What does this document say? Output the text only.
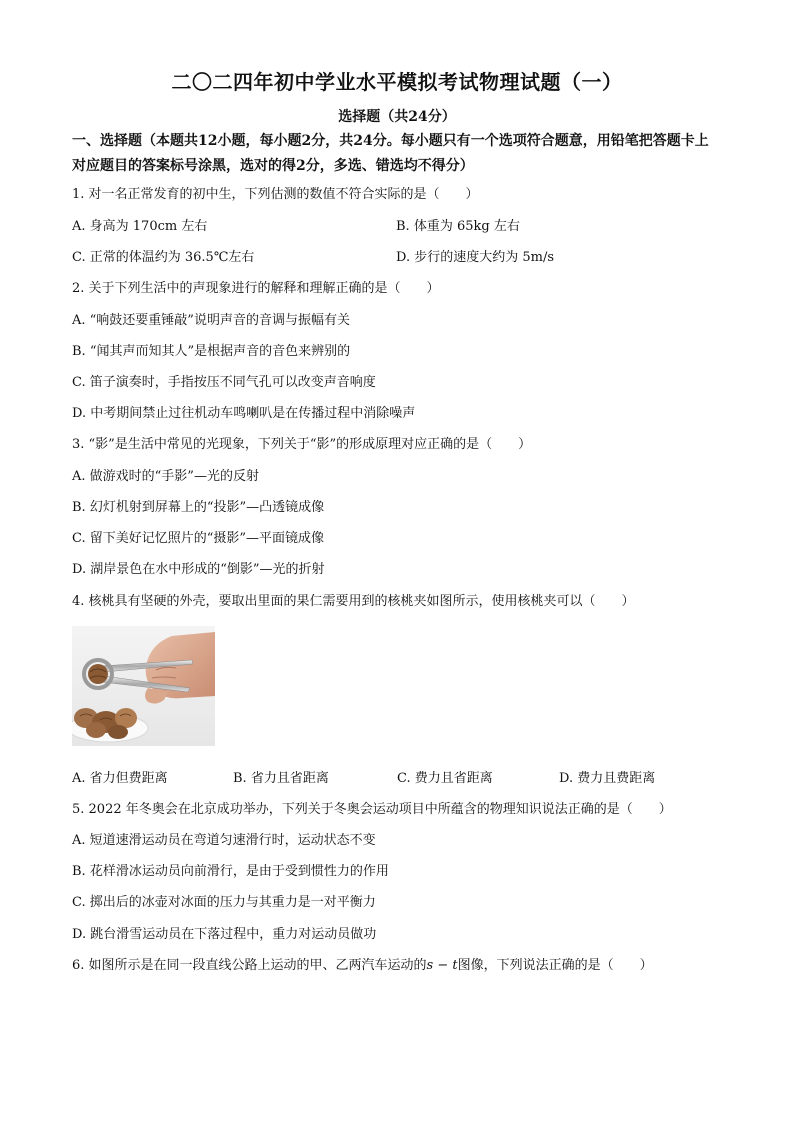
二〇二四年初中学业水平模拟考试物理试题（一）
选择题（共24分）
一、选择题（本题共12小题，每小题2分，共24分。每小题只有一个选项符合题意，用铅笔把答题卡上对应题目的答案标号涂黑，选对的得2分，多选、错选均不得分）
1. 对一名正常发育的初中生，下列估测的数值不符合实际的是（　　）
A. 身高为 170cm 左右	B. 体重为 65kg 左右
C. 正常的体温约为 36.5℃左右	D. 步行的速度大约为 5m/s
2. 关于下列生活中的声现象进行的解释和理解正确的是（　　）
A. “响鼓还要重锤敲”说明声音的音调与振幅有关
B. “闻其声而知其人”是根据声音的音色来辨别的
C. 笛子演奏时，手指按压不同气孔可以改变声音响度
D. 中考期间禁止过往机动车鸣喇叭是在传播过程中消除噪声
3. “影”是生活中常见的光现象，下列关于“影”的形成原理对应正确的是（　　）
A. 做游戏时的“手影”—光的反射
B. 幻灯机射到屏幕上的“投影”—凸透镜成像
C. 留下美好记忆照片的“摄影”—平面镜成像
D. 湖岸景色在水中形成的“倒影”—光的折射
4. 核桃具有坚硬的外壳，要取出里面的果仁需要用到的核桃夹如图所示，使用核桃夹可以（　　）
A. 省力但费距离	B. 省力且省距离	C. 费力且省距离	D. 费力且费距离
5. 2022 年冬奥会在北京成功举办，下列关于冬奥会运动项目中所蕴含的物理知识说法正确的是（　　）
A. 短道速滑运动员在弯道匀速滑行时，运动状态不变
B. 花样滑冰运动员向前滑行，是由于受到惯性力的作用
C. 掷出后的冰壶对冰面的压力与其重力是一对平衡力
D. 跳台滑雪运动员在下落过程中，重力对运动员做功
6. 如图所示是在同一段直线公路上运动的甲、乙两汽车运动的s − t图像，下列说法正确的是（　　）
